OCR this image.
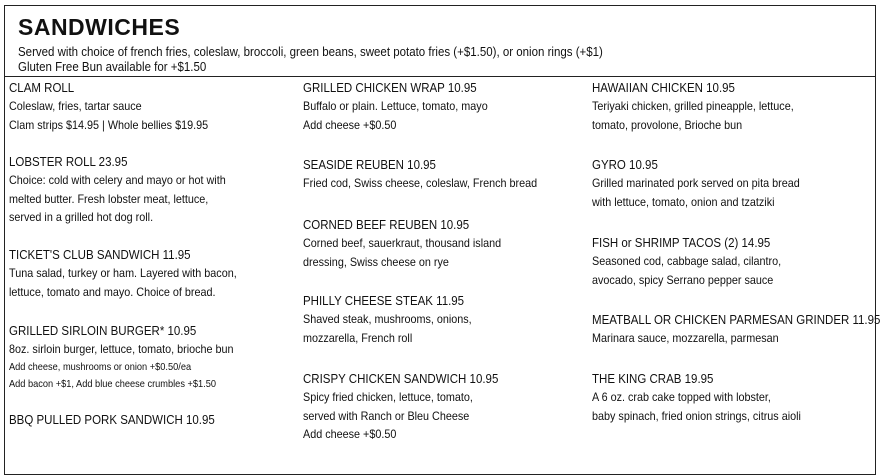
SANDWICHES
Served with choice of french fries, coleslaw, broccoli, green beans, sweet potato fries (+$1.50), or onion rings (+$1)
Gluten Free Bun available for +$1.50
CLAM ROLL
Coleslaw, fries, tartar sauce
Clam strips $14.95 | Whole bellies $19.95
LOBSTER ROLL 23.95
Choice: cold with celery and mayo or hot with
melted butter. Fresh lobster meat, lettuce,
served in a grilled hot dog roll.
TICKET'S CLUB SANDWICH 11.95
Tuna salad, turkey or ham. Layered with bacon,
lettuce, tomato and mayo. Choice of bread.
GRILLED SIRLOIN BURGER* 10.95
8oz. sirloin burger, lettuce, tomato, brioche bun
Add cheese, mushrooms or onion +$0.50/ea
Add bacon +$1, Add blue cheese crumbles +$1.50
BBQ PULLED PORK SANDWICH 10.95
GRILLED CHICKEN WRAP 10.95
Buffalo or plain. Lettuce, tomato, mayo
Add cheese +$0.50
SEASIDE REUBEN 10.95
Fried cod, Swiss cheese, coleslaw, French bread
CORNED BEEF REUBEN 10.95
Corned beef, sauerkraut, thousand island
dressing, Swiss cheese on rye
PHILLY CHEESE STEAK 11.95
Shaved steak, mushrooms, onions,
mozzarella, French roll
CRISPY CHICKEN SANDWICH 10.95
Spicy fried chicken, lettuce, tomato,
served with Ranch or Bleu Cheese
Add cheese +$0.50
HAWAIIAN CHICKEN 10.95
Teriyaki chicken, grilled pineapple, lettuce,
tomato, provolone, Brioche bun
GYRO 10.95
Grilled marinated pork served on pita bread
with lettuce, tomato, onion and tzatziki
FISH or SHRIMP TACOS (2) 14.95
Seasoned cod, cabbage salad, cilantro,
avocado, spicy Serrano pepper sauce
MEATBALL OR CHICKEN PARMESAN GRINDER 11.95
Marinara sauce, mozzarella, parmesan
THE KING CRAB 19.95
A 6 oz. crab cake topped with lobster,
baby spinach, fried onion strings, citrus aioli
